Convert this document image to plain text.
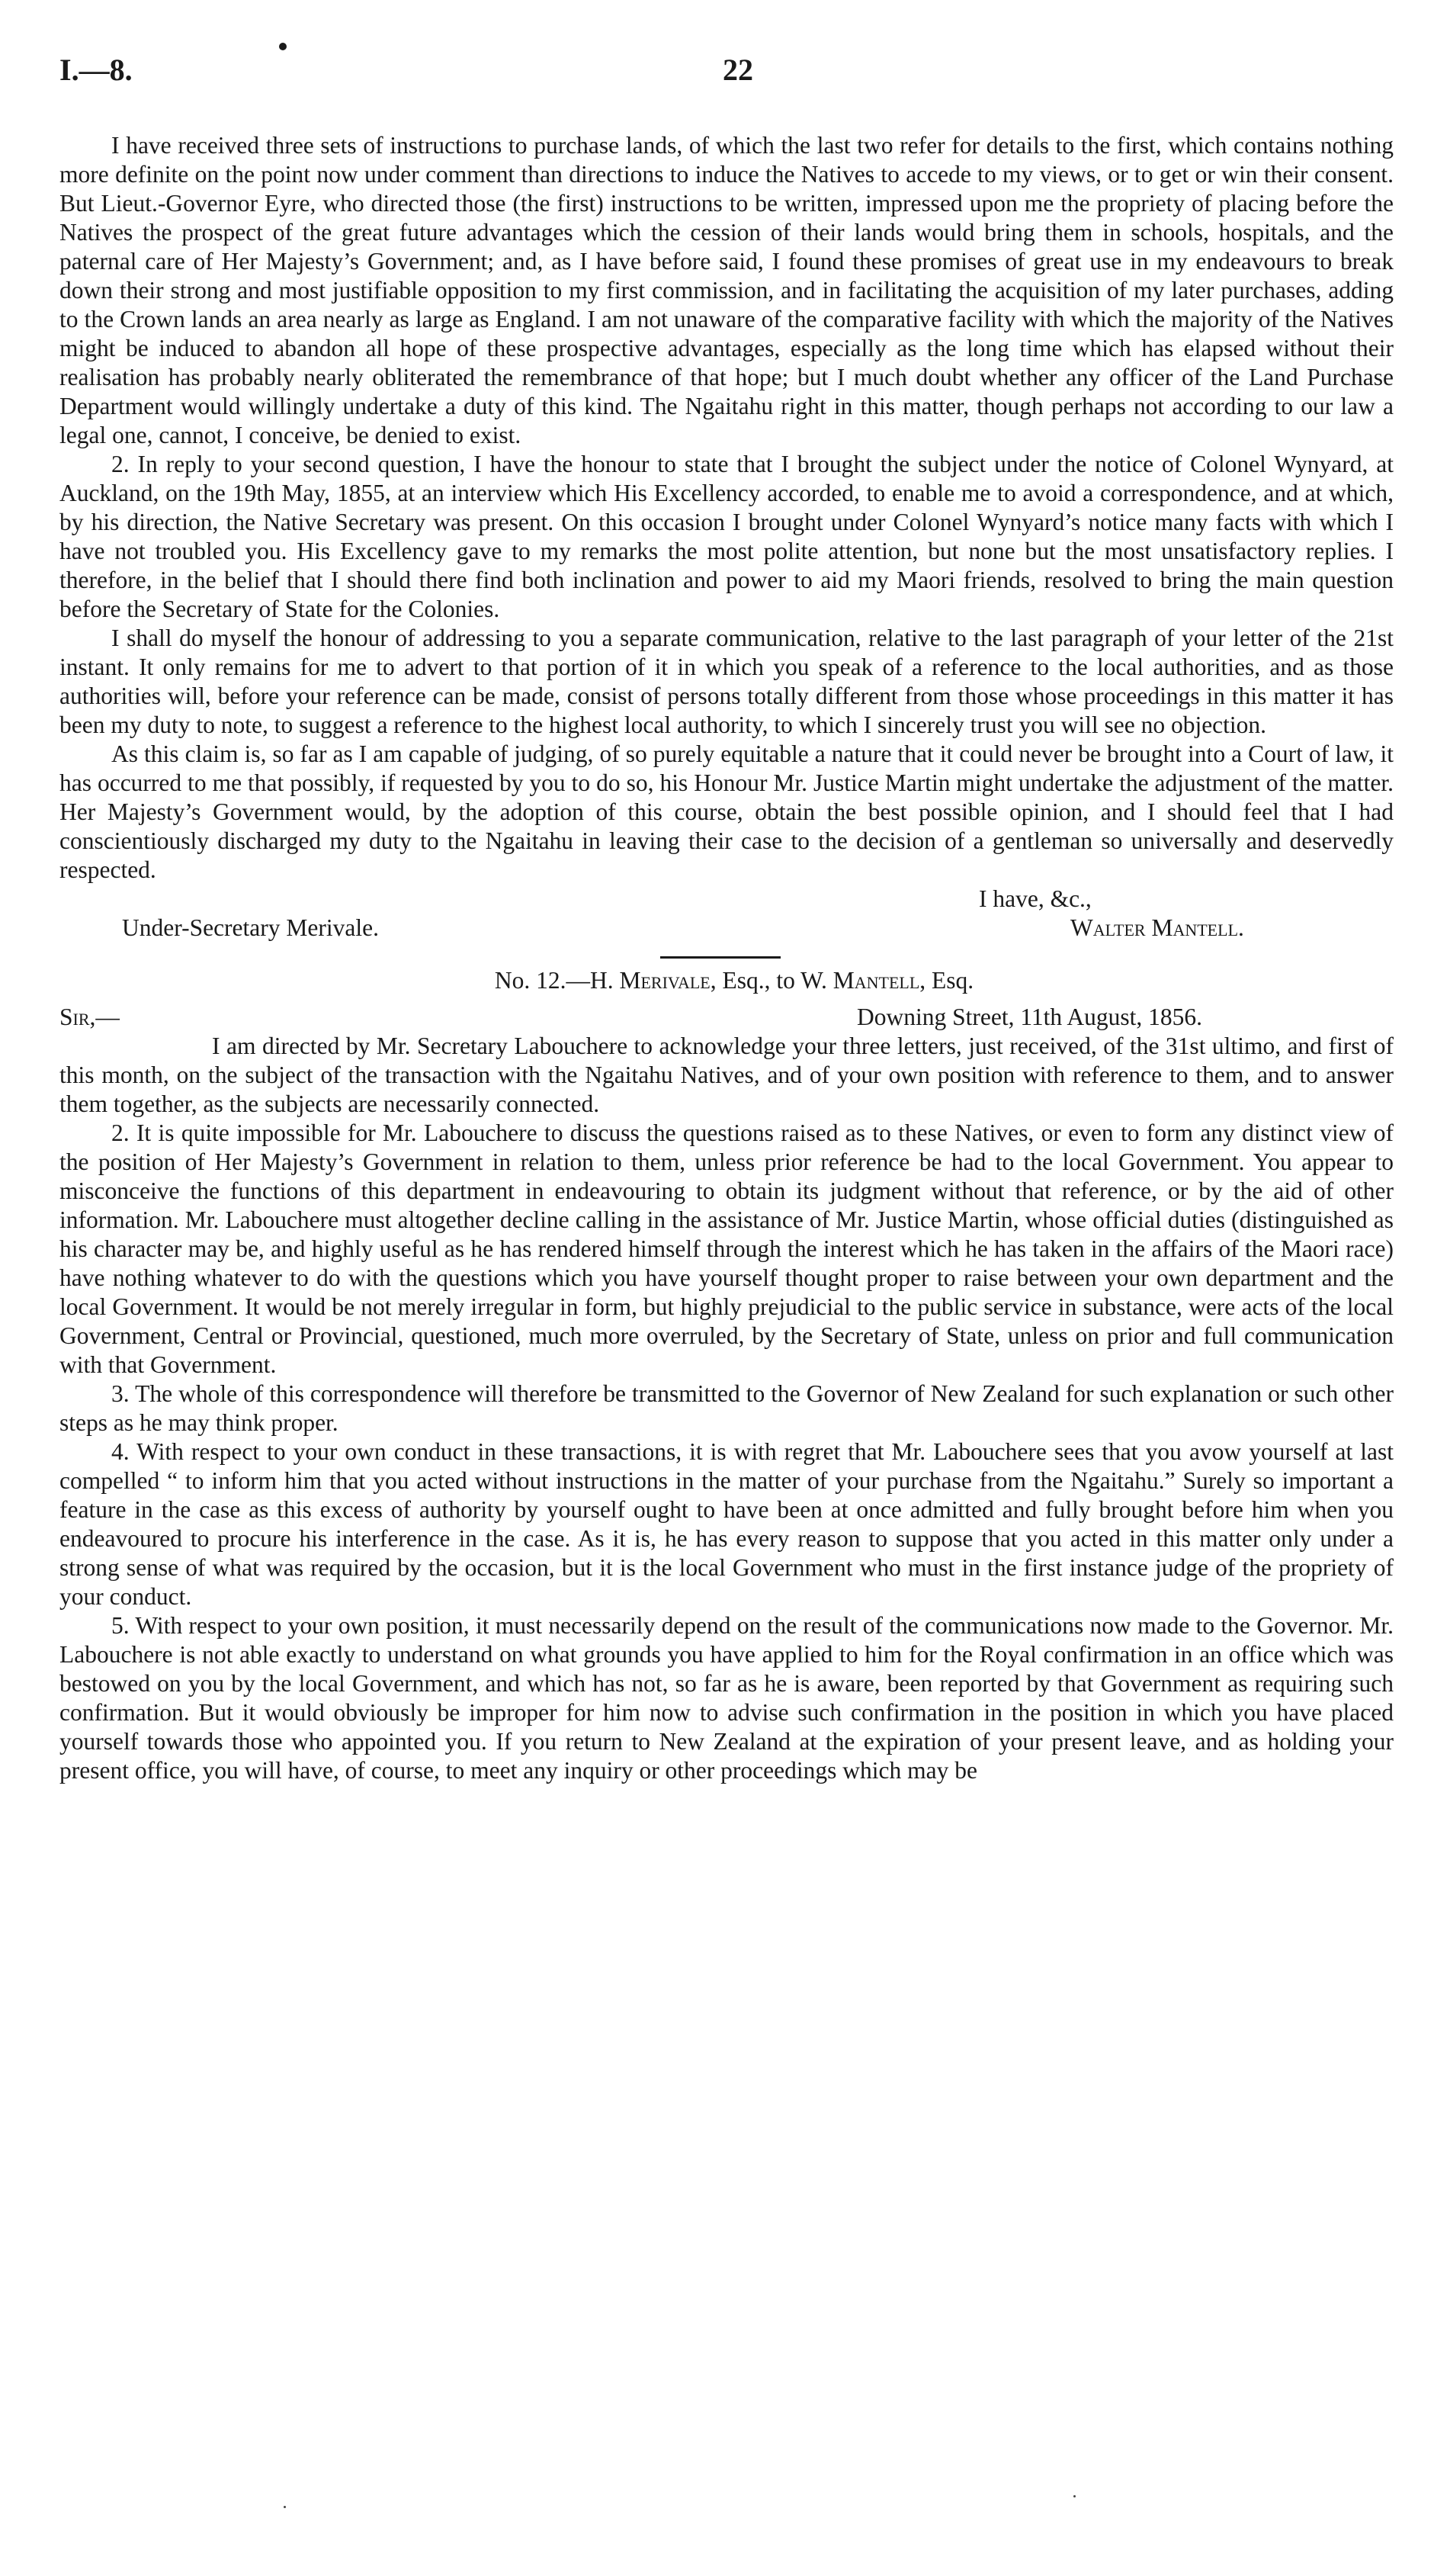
I.—8.	22

I have received three sets of instructions to purchase lands, of which the last two refer for details to the first, which contains nothing more definite on the point now under comment than directions to induce the Natives to accede to my views, or to get or win their consent. But Lieut.-Governor Eyre, who directed those (the first) instructions to be written, impressed upon me the propriety of placing before the Natives the prospect of the great future advantages which the cession of their lands would bring them in schools, hospitals, and the paternal care of Her Majesty’s Government; and, as I have before said, I found these promises of great use in my endeavours to break down their strong and most justifiable opposition to my first commission, and in facilitating the acquisition of my later purchases, adding to the Crown lands an area nearly as large as England. I am not unaware of the comparative facility with which the majority of the Natives might be induced to abandon all hope of these prospective advantages, especially as the long time which has elapsed without their realisation has probably nearly obliterated the remembrance of that hope; but I much doubt whether any officer of the Land Purchase Department would willingly undertake a duty of this kind. The Ngaitahu right in this matter, though perhaps not according to our law a legal one, cannot, I conceive, be denied to exist.

2. In reply to your second question, I have the honour to state that I brought the subject under the notice of Colonel Wynyard, at Auckland, on the 19th May, 1855, at an interview which His Excellency accorded, to enable me to avoid a correspondence, and at which, by his direction, the Native Secretary was present. On this occasion I brought under Colonel Wynyard’s notice many facts with which I have not troubled you. His Excellency gave to my remarks the most polite attention, but none but the most unsatisfactory replies. I therefore, in the belief that I should there find both inclination and power to aid my Maori friends, resolved to bring the main question before the Secretary of State for the Colonies.

I shall do myself the honour of addressing to you a separate communication, relative to the last paragraph of your letter of the 21st instant. It only remains for me to advert to that portion of it in which you speak of a reference to the local authorities, and as those authorities will, before your reference can be made, consist of persons totally different from those whose proceedings in this matter it has been my duty to note, to suggest a reference to the highest local authority, to which I sincerely trust you will see no objection.

As this claim is, so far as I am capable of judging, of so purely equitable a nature that it could never be brought into a Court of law, it has occurred to me that possibly, if requested by you to do so, his Honour Mr. Justice Martin might undertake the adjustment of the matter. Her Majesty’s Government would, by the adoption of this course, obtain the best possible opinion, and I should feel that I had conscientiously discharged my duty to the Ngaitahu in leaving their case to the decision of a gentleman so universally and deservedly respected.

I have, &c.,
Under-Secretary Merivale.	Walter Mantell.
No. 12.—H. Merivale, Esq., to W. Mantell, Esq.
Sir,—	Downing Street, 11th August, 1856.

I am directed by Mr. Secretary Labouchere to acknowledge your three letters, just received, of the 31st ultimo, and first of this month, on the subject of the transaction with the Ngaitahu Natives, and of your own position with reference to them, and to answer them together, as the subjects are necessarily connected.

2. It is quite impossible for Mr. Labouchere to discuss the questions raised as to these Natives, or even to form any distinct view of the position of Her Majesty’s Government in relation to them, unless prior reference be had to the local Government. You appear to misconceive the functions of this department in endeavouring to obtain its judgment without that reference, or by the aid of other information. Mr. Labouchere must altogether decline calling in the assistance of Mr. Justice Martin, whose official duties (distinguished as his character may be, and highly useful as he has rendered himself through the interest which he has taken in the affairs of the Maori race) have nothing whatever to do with the questions which you have yourself thought proper to raise between your own department and the local Government. It would be not merely irregular in form, but highly prejudicial to the public service in substance, were acts of the local Government, Central or Provincial, questioned, much more overruled, by the Secretary of State, unless on prior and full communication with that Government.

3. The whole of this correspondence will therefore be transmitted to the Governor of New Zealand for such explanation or such other steps as he may think proper.

4. With respect to your own conduct in these transactions, it is with regret that Mr. Labouchere sees that you avow yourself at last compelled “ to inform him that you acted without instructions in the matter of your purchase from the Ngaitahu.” Surely so important a feature in the case as this excess of authority by yourself ought to have been at once admitted and fully brought before him when you endeavoured to procure his interference in the case. As it is, he has every reason to suppose that you acted in this matter only under a strong sense of what was required by the occasion, but it is the local Government who must in the first instance judge of the propriety of your conduct.

5. With respect to your own position, it must necessarily depend on the result of the communications now made to the Governor. Mr. Labouchere is not able exactly to understand on what grounds you have applied to him for the Royal confirmation in an office which was bestowed on you by the local Government, and which has not, so far as he is aware, been reported by that Government as requiring such confirmation. But it would obviously be improper for him now to advise such confirmation in the position in which you have placed yourself towards those who appointed you. If you return to New Zealand at the expiration of your present leave, and as holding your present office, you will have, of course, to meet any inquiry or other proceedings which may be
